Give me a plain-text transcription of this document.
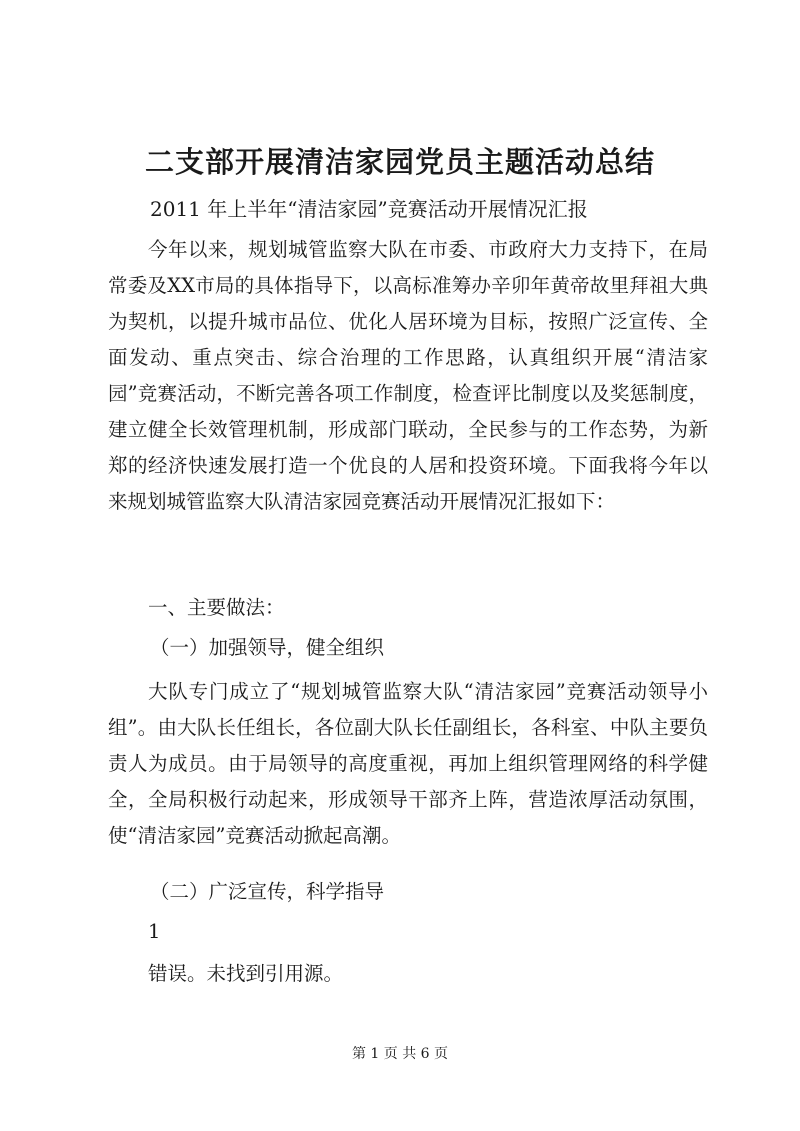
二支部开展清洁家园党员主题活动总结
2011 年上半年“清洁家园”竞赛活动开展情况汇报

今年以来，规划城管监察大队在市委、市政府大力支持下，在局常委及XX市局的具体指导下，以高标准筹办辛卯年黄帝故里拜祖大典为契机，以提升城市品位、优化人居环境为目标，按照广泛宣传、全面发动、重点突击、综合治理的工作思路，认真组织开展“清洁家园”竞赛活动，不断完善各项工作制度，检查评比制度以及奖惩制度，建立健全长效管理机制，形成部门联动，全民参与的工作态势，为新郑的经济快速发展打造一个优良的人居和投资环境。下面我将今年以来规划城管监察大队清洁家园竞赛活动开展情况汇报如下：

一、主要做法：
（一）加强领导，健全组织

大队专门成立了“规划城管监察大队“清洁家园”竞赛活动领导小组”。由大队长任组长，各位副大队长任副组长，各科室、中队主要负责人为成员。由于局领导的高度重视，再加上组织管理网络的科学健全，全局积极行动起来，形成领导干部齐上阵，营造浓厚活动氛围，使“清洁家园”竞赛活动掀起高潮。

（二）广泛宣传，科学指导
1
错误。未找到引用源。
第 1 页 共 6 页
